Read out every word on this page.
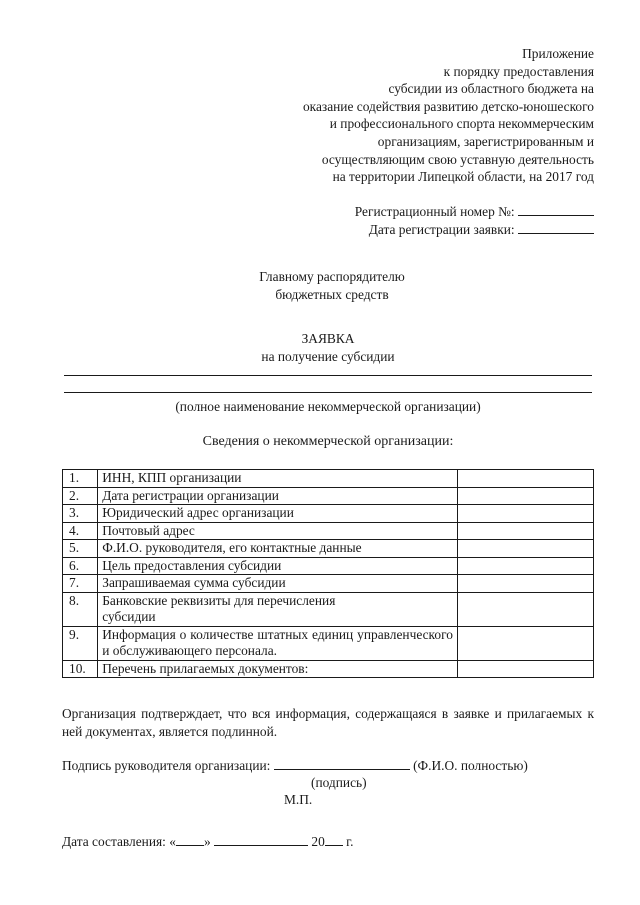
Приложение
к порядку предоставления
субсидии из областного бюджета на
оказание содействия развитию детско-юношеского
и профессионального спорта некоммерческим
организациям, зарегистрированным и
осуществляющим свою уставную деятельность
на территории Липецкой области, на 2017 год
Регистрационный номер №:
Дата регистрации заявки:
Главному распорядителю
бюджетных средств
ЗАЯВКА
на получение субсидии
(полное наименование некоммерческой организации)
Сведения о некоммерческой организации:
1.	ИНН, КПП организации	
2.	Дата регистрации организации	
3.	Юридический адрес организации	
4.	Почтовый адрес	
5.	Ф.И.О. руководителя, его контактные данные	
6.	Цель предоставления субсидии	
7.	Запрашиваемая сумма субсидии	
8.	Банковские реквизиты для перечисления субсидии	
9.	Информация о количестве штатных единиц управленческого и обслуживающего персонала.	
10.	Перечень прилагаемых документов:	
Организация подтверждает, что вся информация, содержащаяся в заявке и прилагаемых к ней документах, является подлинной.
Подпись руководителя организации:	(Ф.И.О. полностью)
(подпись)
М.П.
Дата составления: « »	20 г.
